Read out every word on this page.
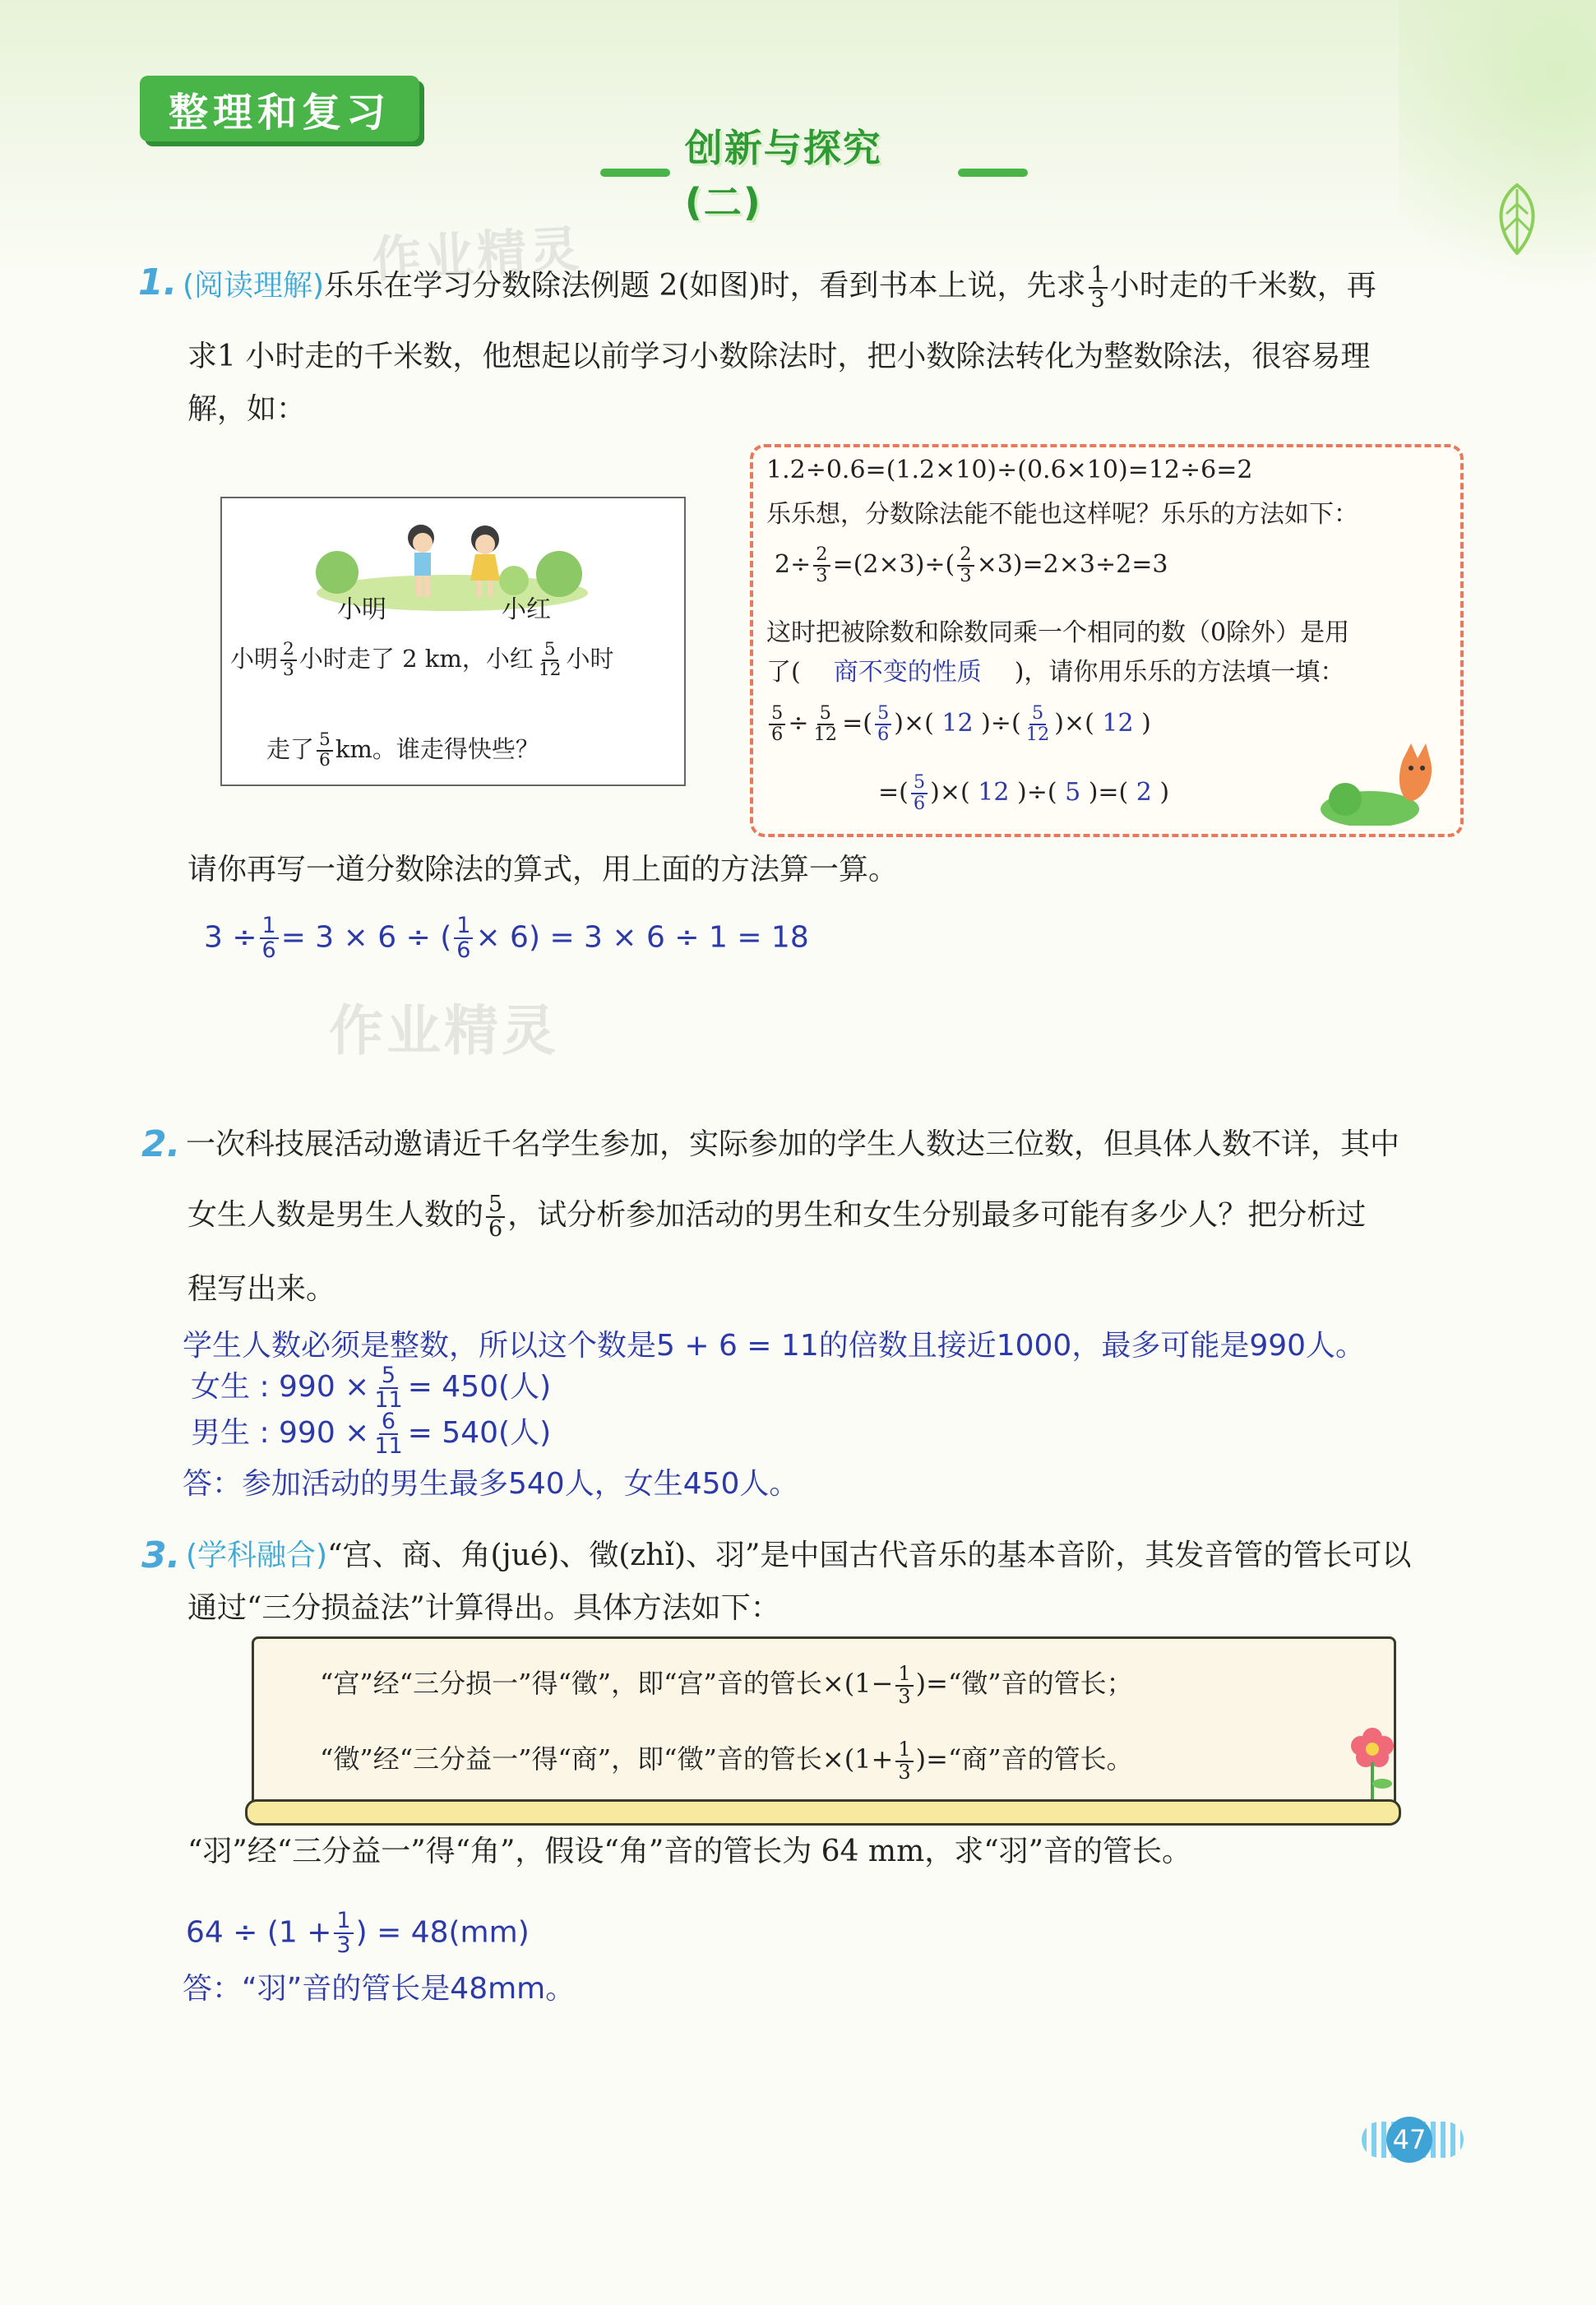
整理和复习
创新与探究(二)
作业精灵
作业精灵
1. (阅读理解)乐乐在学习分数除法例题 2(如图)时，看到书本上说，先求 $\frac{1}{3}$ 小时走的千米数，再
求1 小时走的千米数，他想起以前学习小数除法时，把小数除法转化为整数除法，很容易理
解，如：
小明	小红
小明 $\frac{2}{3}$ 小时走了 2 km，小红 $\frac{5}{12}$ 小时
走了 $\frac{5}{6}$ km。谁走得快些？
1.2÷0.6=(1.2×10)÷(0.6×10)=12÷6=2
乐乐想，分数除法能不能也这样呢？乐乐的方法如下：
$2\div \frac{2}{3} =(2\times 3)\div( \frac{2}{3} \times 3)=2\times 3\div 2=3$
这时把被除数和除数同乘一个相同的数（0除外）是用
了( 商不变的性质 )，请你用乐乐的方法填一填：
$\frac{5}{6} \div \frac{5}{12}$ =( $\frac{5}{6}$ )×( 12 )÷( $\frac{5}{12}$ )×( 12 )
=( $\frac{5}{6}$ )×( 12 )÷( 5 )=( 2 )
请你再写一道分数除法的算式，用上面的方法算一算。
$3 \div \frac{1}{6} = 3 \times 6$ ÷ ( $\frac{1}{6} \times 6) = 3 \times 6 \div 1 = 18$
2. 一次科技展活动邀请近千名学生参加，实际参加的学生人数达三位数，但具体人数不详，其中
女生人数是男生人数的 $\frac{5}{6}$ ，试分析参加活动的男生和女生分别最多可能有多少人？把分析过
程写出来。
学生人数必须是整数，所以这个数是5 + 6 = 11的倍数且接近1000，最多可能是990人。
女生 : $990 \times \frac{5}{11} = 450$(人)
男生 : $990 \times \frac{6}{11} = 540$(人)
答：参加活动的男生最多540人，女生450人。
3. (学科融合)“宫、商、角(jué)、徵(zhǐ)、羽”是中国古代音乐的基本音阶，其发音管的管长可以
通过“三分损益法”计算得出。具体方法如下：
“宫”经“三分损一”得“徵”，即“宫”音的管长$\times(1- \frac{1}{3}$ )=“徵”音的管长；
“徵”经“三分益一”得“商”，即“徵”音的管长$\times(1+ \frac{1}{3}$ )=“商”音的管长。
“羽”经“三分益一”得“角”，假设“角”音的管长为 64 mm，求“羽”音的管长。
$64 \div (1 + \frac{1}{3}$ ) = 48(mm)
答：“羽”音的管长是48mm。
47
